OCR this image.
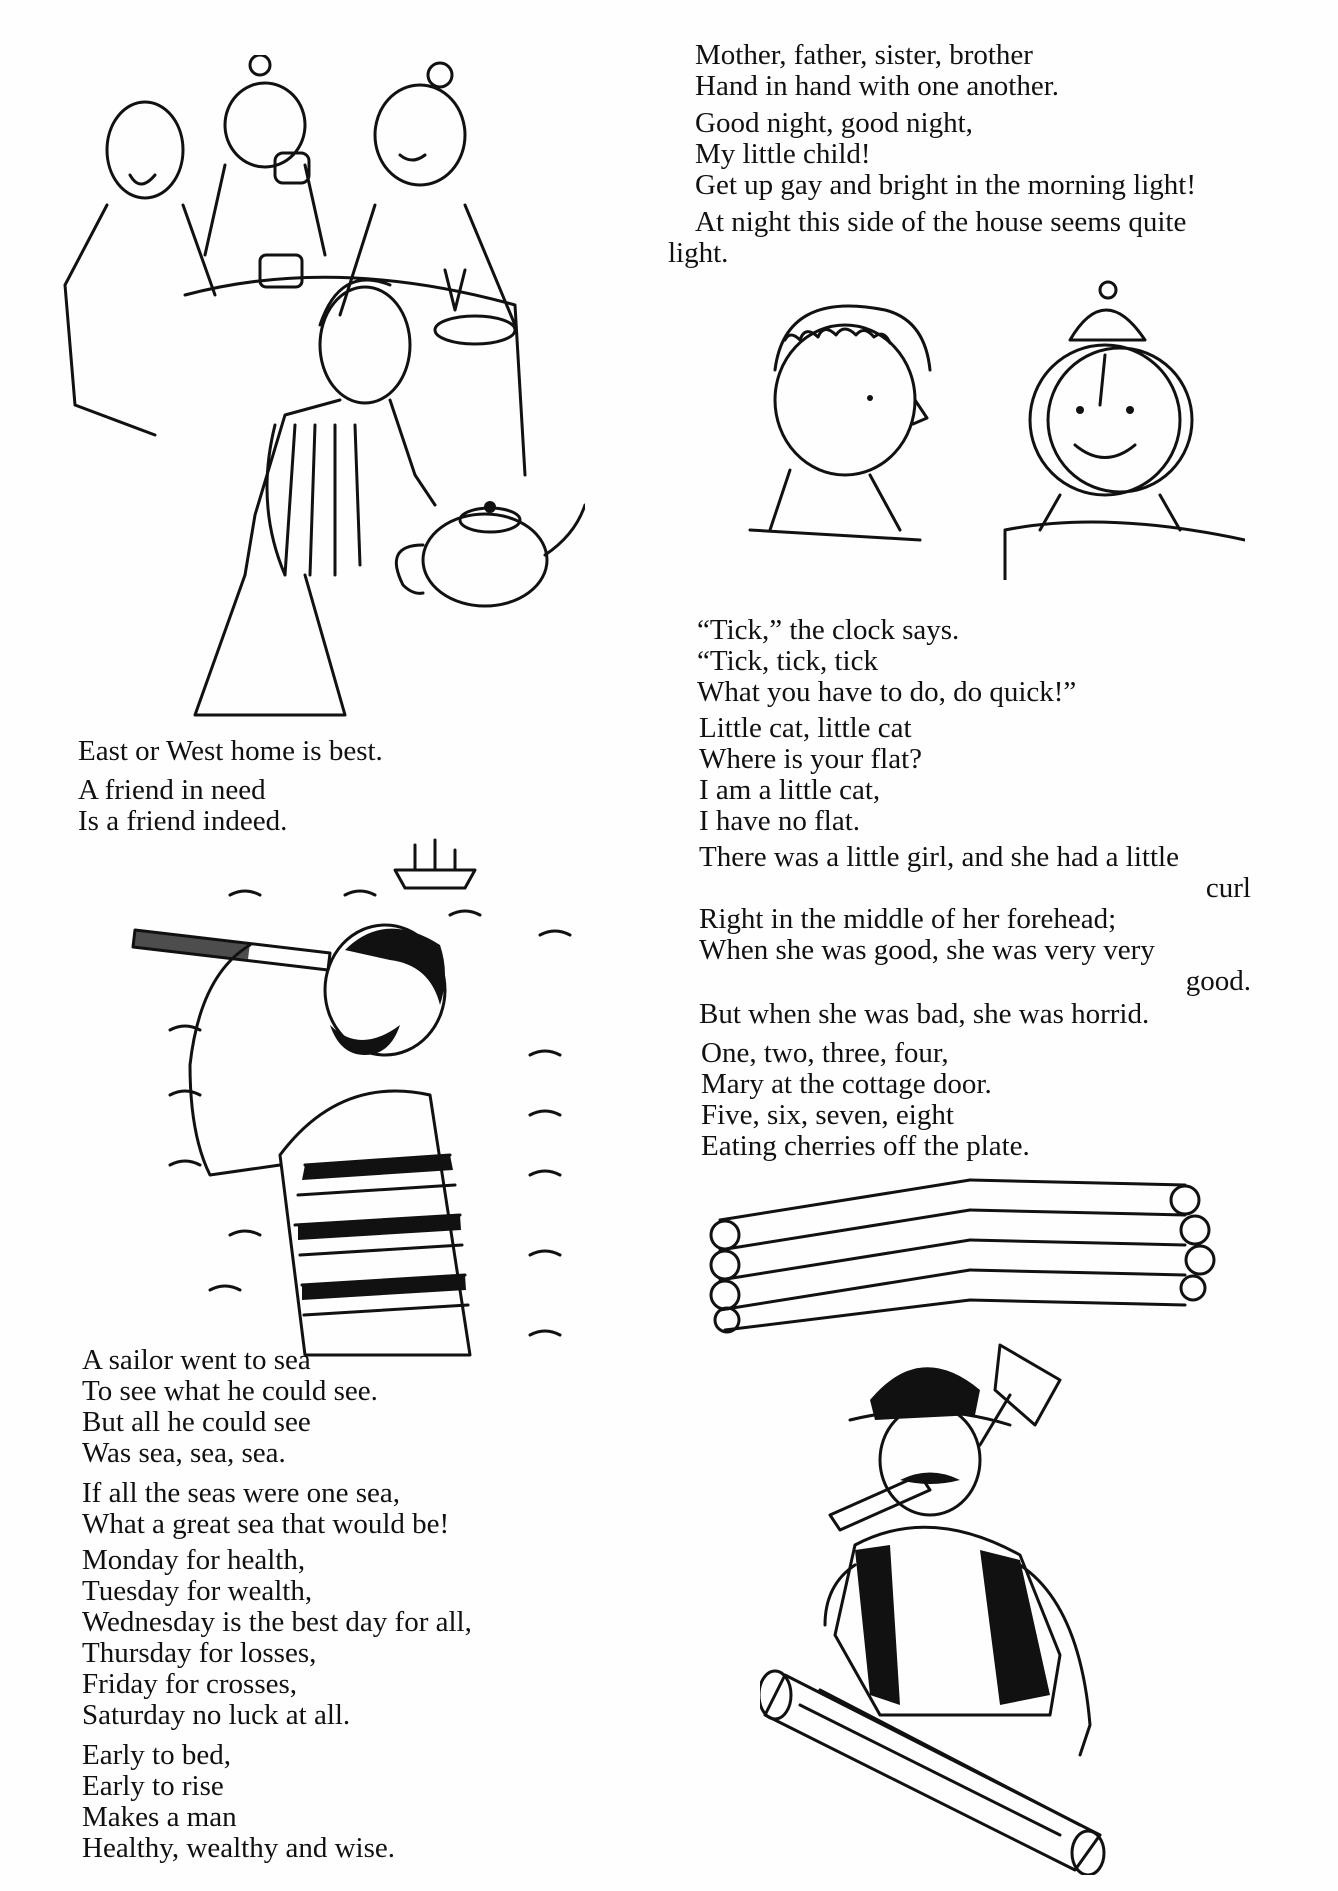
East or West home is best.
A friend in need
Is a friend indeed.
A sailor went to sea
To see what he could see.
But all he could see
Was sea, sea, sea.
If all the seas were one sea,
What a great sea that would be!
Monday for health,
Tuesday for wealth,
Wednesday is the best day for all,
Thursday for losses,
Friday for crosses,
Saturday no luck at all.
Early to bed,
Early to rise
Makes a man
Healthy, wealthy and wise.
Mother, father, sister, brother
Hand in hand with one another.
Good night, good night,
My little child!
Get up gay and bright in the morning light!
At night this side of the house seems quite
light.
“Tick,” the clock says.
“Tick, tick, tick
What you have to do, do quick!”
Little cat, little cat
Where is your flat?
I am a little cat,
I have no flat.
There was a little girl, and she had a little
curl
Right in the middle of her forehead;
When she was good, she was very very
good.
But when she was bad, she was horrid.
One, two, three, four,
Mary at the cottage door.
Five, six, seven, eight
Eating cherries off the plate.
